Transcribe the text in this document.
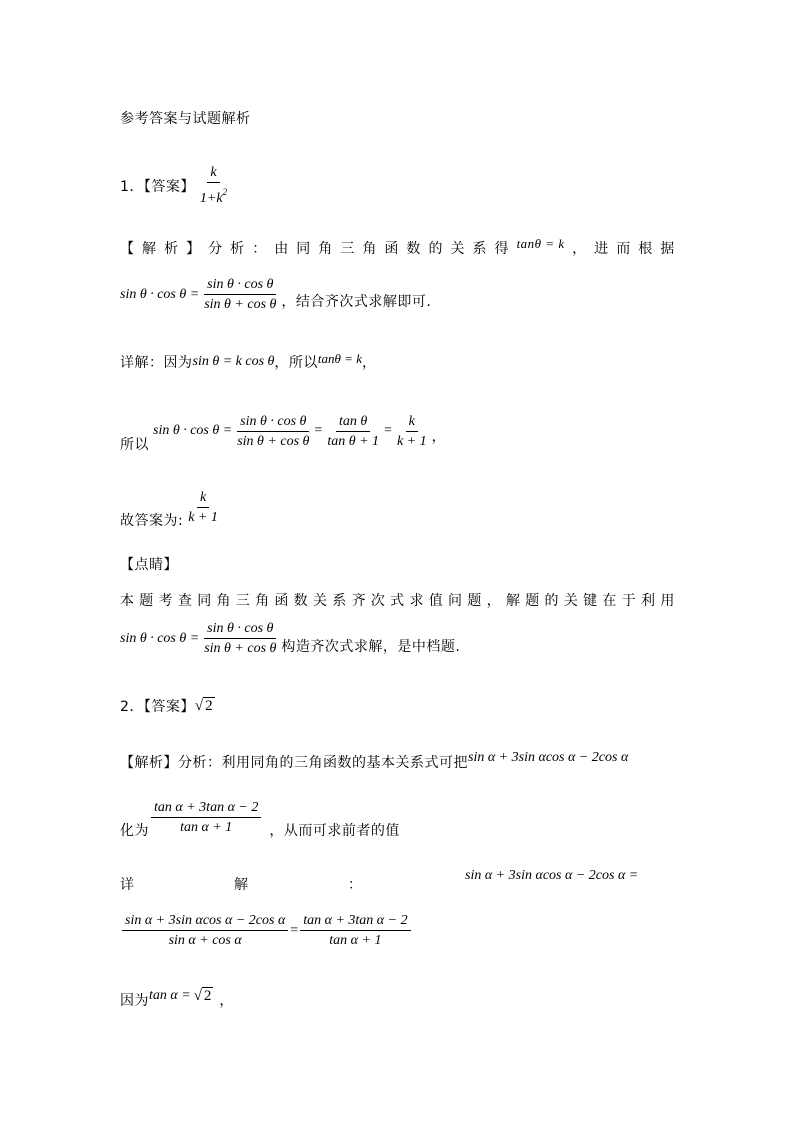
参考答案与试题解析
1．【答案】 $\frac{k}{1+k^2}$
【 解 析 】 分 析 ： 由 同 角 三 角 函 数 的 关 系 得 tanθ = k ， 进 而 根 据
$\sin \theta \cdot \cos \theta = \frac{\text{sin θ · cos θ}}{\text{sin θ + cos θ}}$ ，结合齐次式求解即可.
详解：因为 sin θ = k cos θ ，所以 tanθ = k ，
所以
$\sin \theta \cdot \cos \theta = \frac{\text{sin θ · cos θ}}{\text{sin θ + cos θ}} = \frac{\text{tan θ}}{\text{tan θ + 1}} = \frac{k}{k + 1}$ ，
故答案为: $\frac{k}{k + 1}$
【点睛】
本 题 考 查 同 角 三 角 函 数 关 系 齐 次 式 求 值 问 题 ， 解 题 的 关 键 在 于 利 用
$\sin \theta \cdot \cos \theta = \frac{\text{sin θ · cos θ}}{\text{sin θ + cos θ}}$ 构造齐次式求解，是中档题.
2．【答案】 √ 2
【解析】分析：利用同角的三角函数的基本关系式可把 sin α + 3sin αcos α − 2cos α
化为 $\frac{\text{tan α + 3tan α − 2}}{\text{tan α + 1}}$ ，从而可求前者的值
详	解	：
sin α + 3sin αcos α − 2cos α =
$\frac{\text{sin α + 3sin αcos α − 2cos α}}{\text{sin α + cos α}} = \frac{\text{tan α + 3tan α − 2}}{\text{tan α + 1}}$
因为 tan α = √ 2 ，
